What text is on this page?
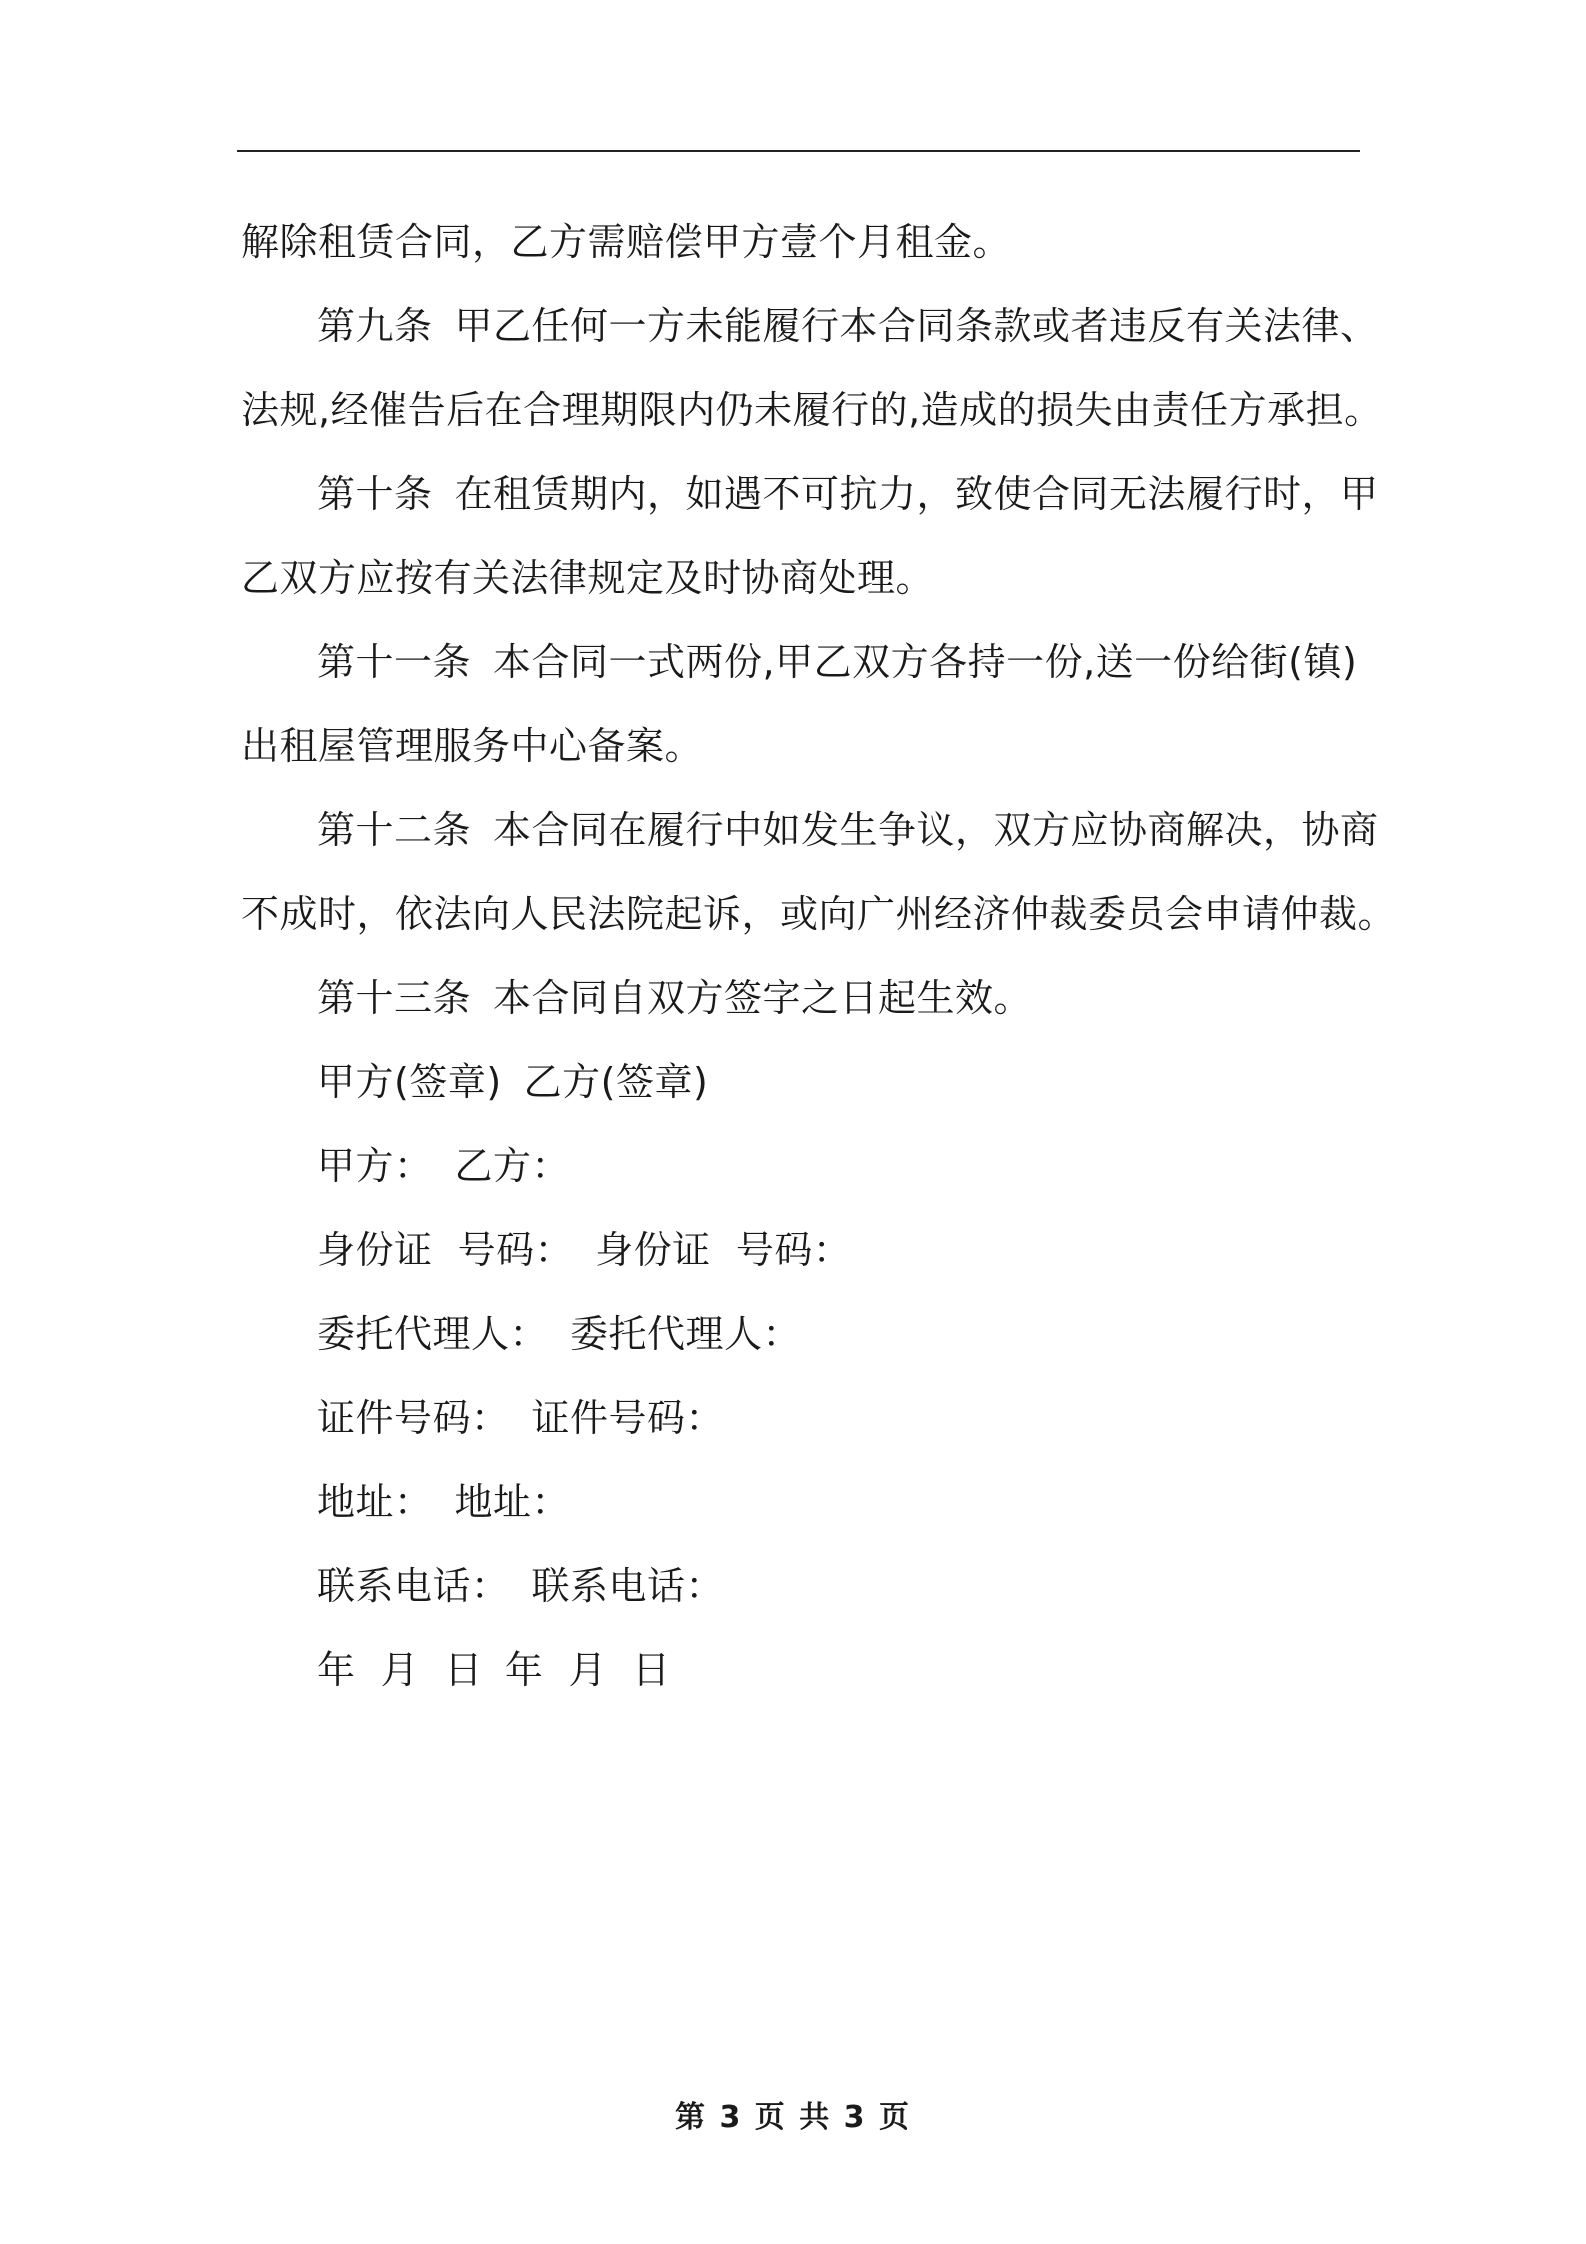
解除租赁合同，乙方需赔偿甲方壹个月租金。
第九条 甲乙任何一方未能履行本合同条款或者违反有关法律、
法规,经催告后在合理期限内仍未履行的,造成的损失由责任方承担。
第十条 在租赁期内，如遇不可抗力，致使合同无法履行时，甲
乙双方应按有关法律规定及时协商处理。
第十一条 本合同一式两份,甲乙双方各持一份,送一份给街(镇)
出租屋管理服务中心备案。
第十二条 本合同在履行中如发生争议，双方应协商解决，协商
不成时，依法向人民法院起诉，或向广州经济仲裁委员会申请仲裁。
第十三条 本合同自双方签字之日起生效。
甲方(签章) 乙方(签章)
甲方： 乙方：
身份证  号码： 身份证  号码：
委托代理人： 委托代理人：
证件号码： 证件号码：
地址： 地址：
联系电话： 联系电话：
年  月  日 年  月  日
第 3 页 共 3 页
